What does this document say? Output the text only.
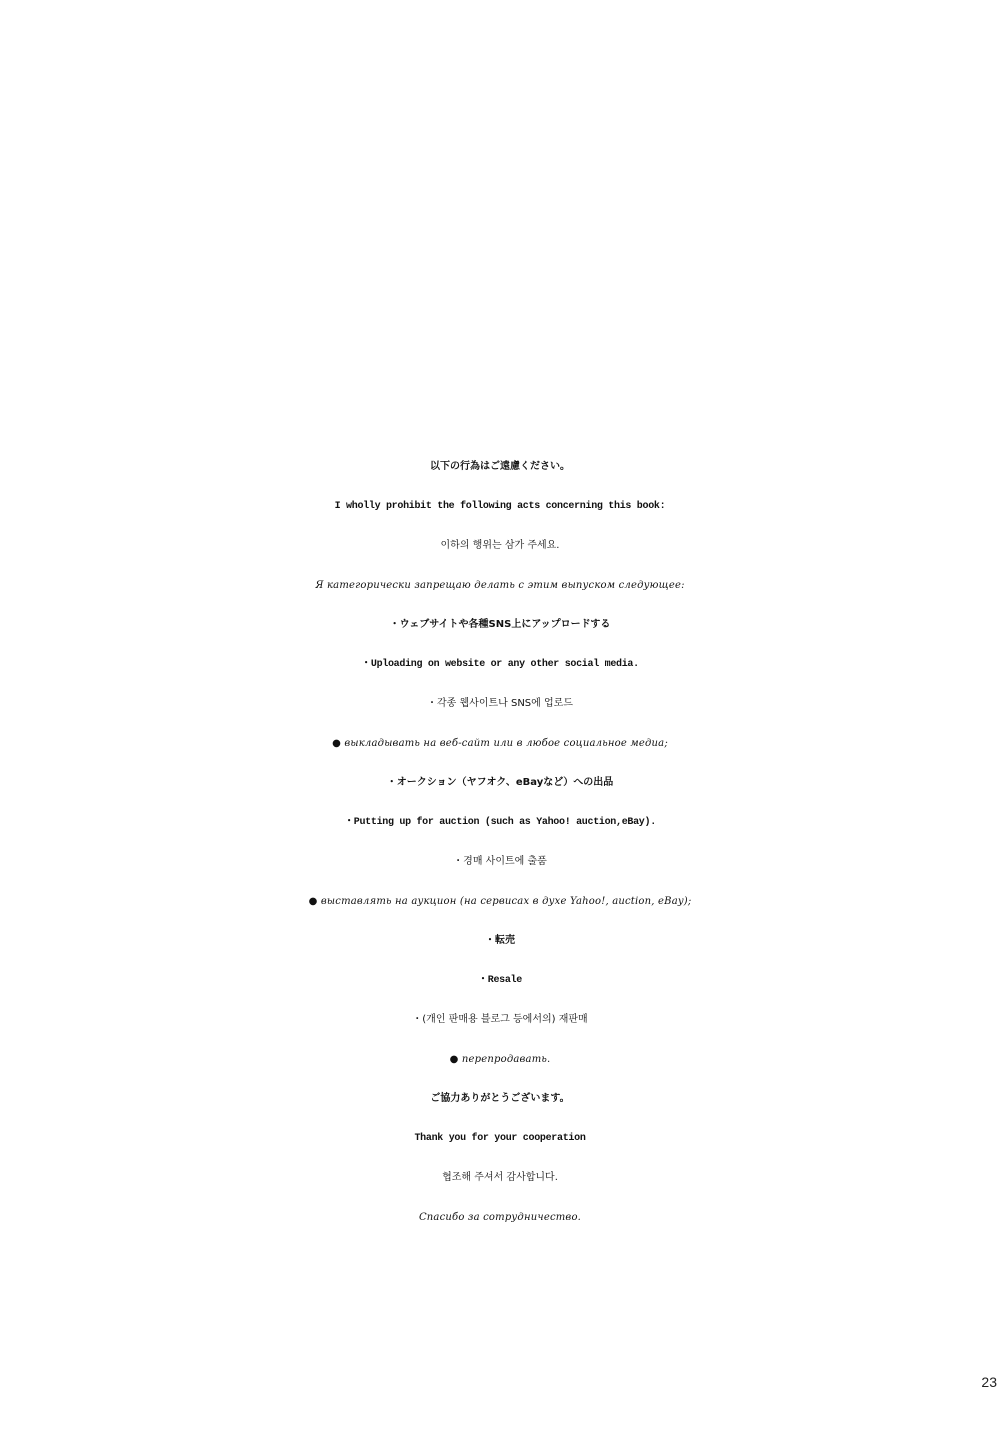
以下の行為はご遠慮ください。
I wholly prohibit the following acts concerning this book:
이하의 행위는 삼가 주세요.
Я категорически запрещаю делать с этим выпуском следующее:
・ウェブサイトや各種SNS上にアップロードする
・Uploading on website or any other social media.
・각종 웹사이트나 SNS에 업로드
● выкладывать на веб-сайт или в любое социальное медиа;
・オークション（ヤフオク、eBayなど）への出品
・Putting up for auction (such as Yahoo! auction,eBay).
・경매 사이트에 출품
● выставлять на аукцион (на сервисах в духе Yahoo!, auction, eBay);
・転売
・Resale
・(개인 판매용 블로그 등에서의) 재판매
● перепродавать.
ご協力ありがとうございます。
Thank you for your cooperation
협조해 주셔서 감사합니다.
Спасибо за сотрудничество.
23
